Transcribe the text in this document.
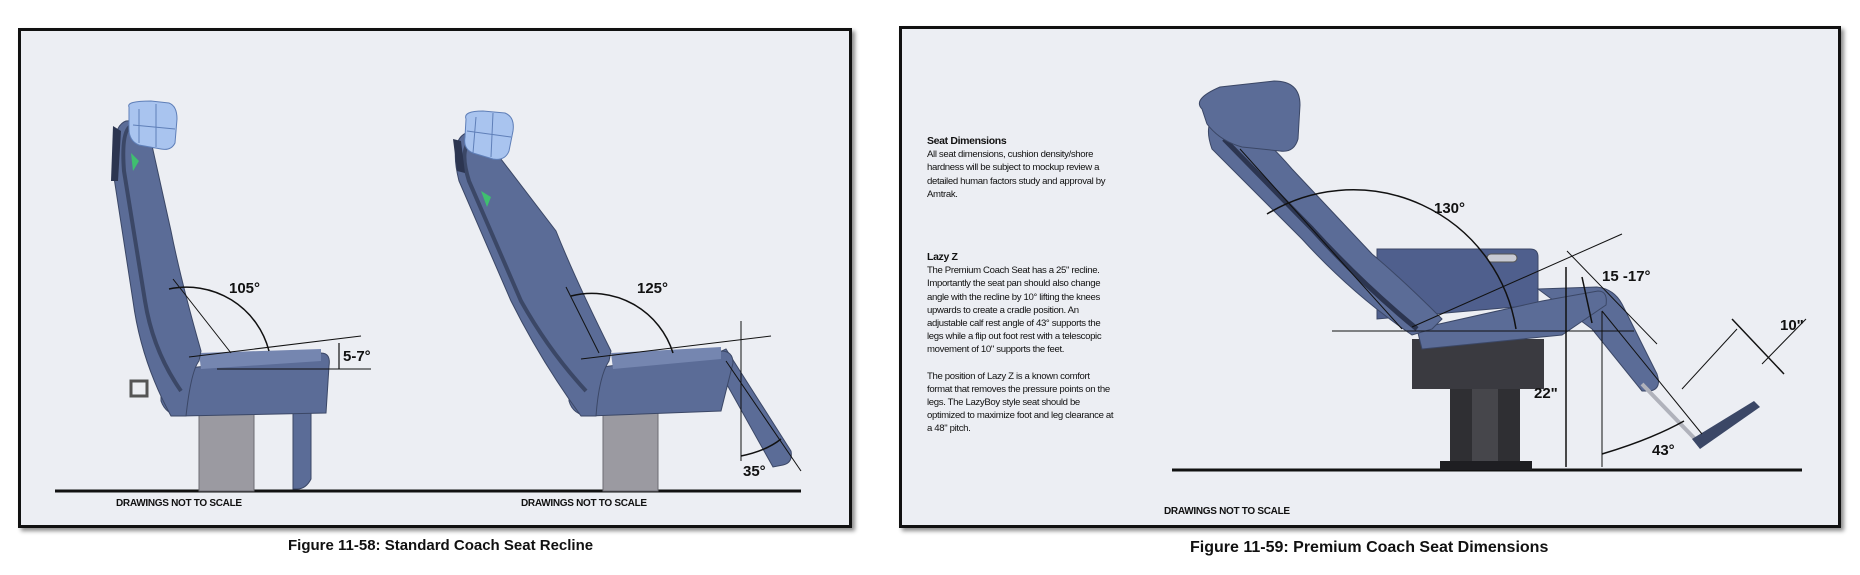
105°
5-7°
DRAWINGS NOT TO SCALE
125°
35°
DRAWINGS NOT TO SCALE
Figure 11-58: Standard Coach Seat Recline

Seat Dimensions

All seat dimensions, cushion density/shore hardness will be subject to mockup review a detailed human factors study and approval by Amtrak.

Lazy Z

The Premium Coach Seat has a 25" recline. Importantly the seat pan should also change angle with the recline by 10° lifting the knees upwards to create a cradle position. An adjustable calf rest angle of 43° supports the legs while a flip out foot rest with a telescopic movement of 10" supports the feet.

The position of Lazy Z is a known comfort format that removes the pressure points on the legs. The LazyBoy style seat should be optimized to maximize foot and leg clearance at a 48" pitch.

130°
15 -17°
22"
10"
43°
DRAWINGS NOT TO SCALE
Figure 11-59: Premium Coach Seat Dimensions
